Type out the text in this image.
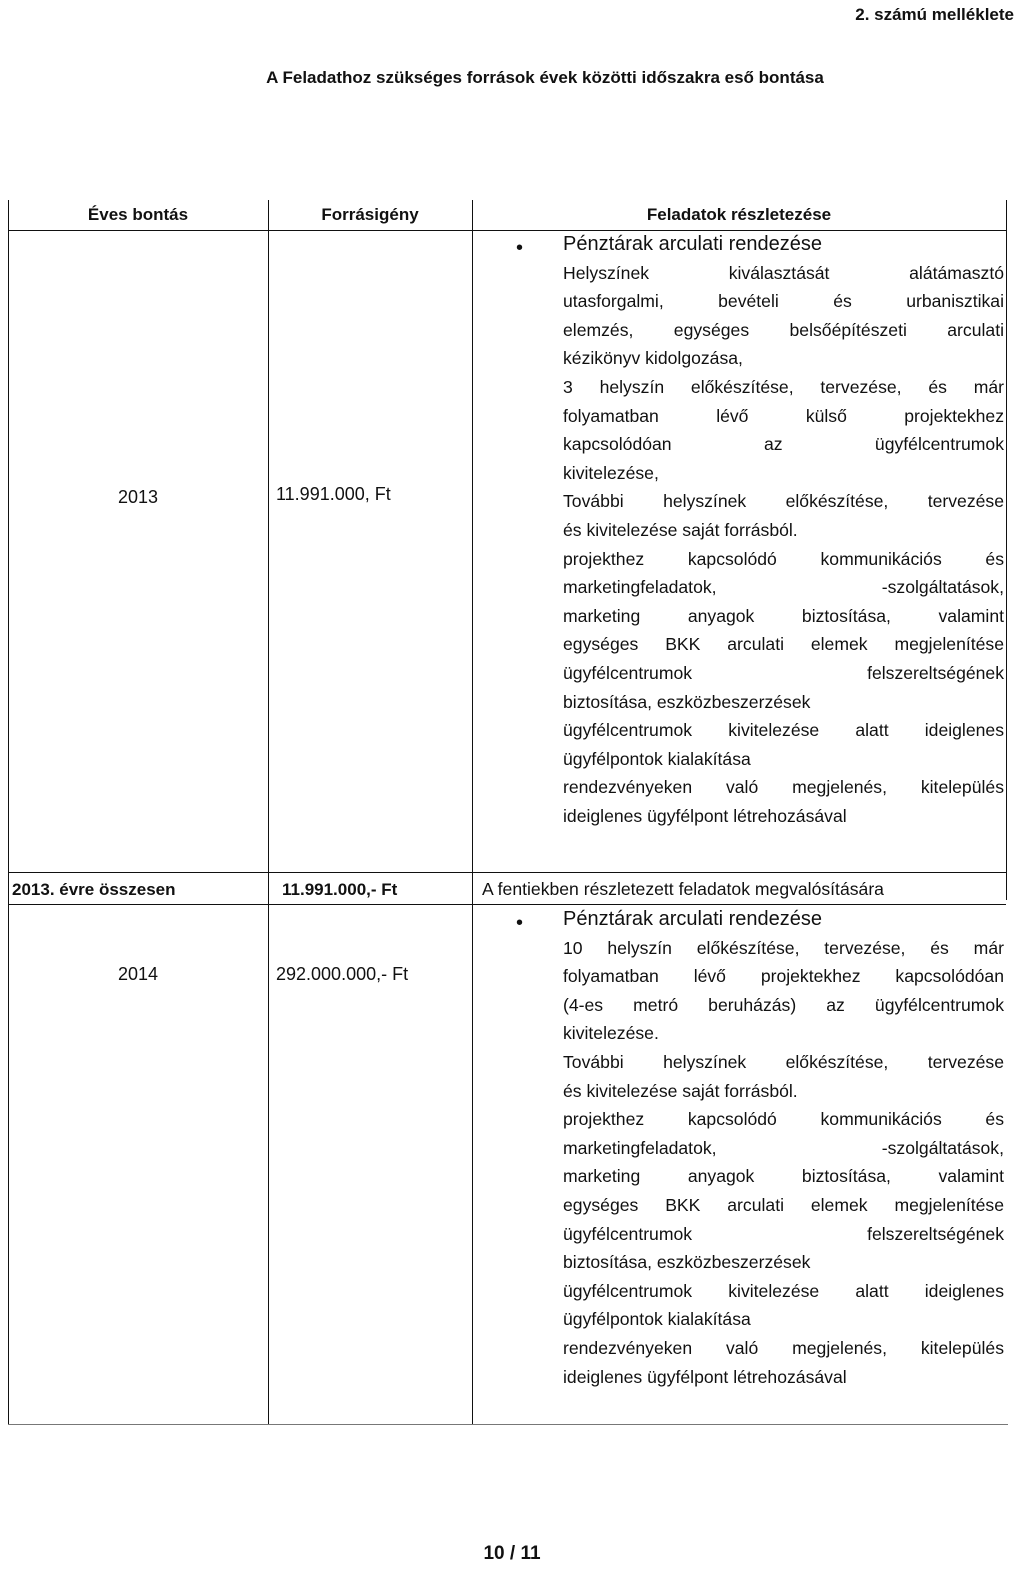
2. számú melléklete
A Feladathoz szükséges források évek közötti időszakra eső bontása
Éves bontás	Forrásigény	Feladatok részletezése
2013	11.991.000, Ft
• Pénztárak arculati rendezése

Helyszínek kiválasztását alátámasztó

utasforgalmi, bevételi és urbanisztikai

elemzés, egységes belsőépítészeti arculati

kézikönyv kidolgozása,

3 helyszín előkészítése, tervezése, és már

folyamatban lévő külső projektekhez

kapcsolódóan az ügyfélcentrumok

kivitelezése,

További helyszínek előkészítése, tervezése

és kivitelezése saját forrásból.

projekthez kapcsolódó kommunikációs és

marketingfeladatok, -szolgáltatások,

marketing anyagok biztosítása, valamint

egységes BKK arculati elemek megjelenítése

ügyfélcentrumok felszereltségének

biztosítása, eszközbeszerzések

ügyfélcentrumok kivitelezése alatt ideiglenes

ügyfélpontok kialakítása

rendezvényeken való megjelenés, kitelepülés

ideiglenes ügyfélpont létrehozásával

2013. évre összesen	11.991.000,- Ft	A fentiekben részletezett feladatok megvalósítására
2014	292.000.000,- Ft
• Pénztárak arculati rendezése

10 helyszín előkészítése, tervezése, és már

folyamatban lévő projektekhez kapcsolódóan

(4-es metró beruházás) az ügyfélcentrumok

kivitelezése.

További helyszínek előkészítése, tervezése

és kivitelezése saját forrásból.

projekthez kapcsolódó kommunikációs és

marketingfeladatok, -szolgáltatások,

marketing anyagok biztosítása, valamint

egységes BKK arculati elemek megjelenítése

ügyfélcentrumok felszereltségének

biztosítása, eszközbeszerzések

ügyfélcentrumok kivitelezése alatt ideiglenes

ügyfélpontok kialakítása

rendezvényeken való megjelenés, kitelepülés

ideiglenes ügyfélpont létrehozásával

10 / 11
